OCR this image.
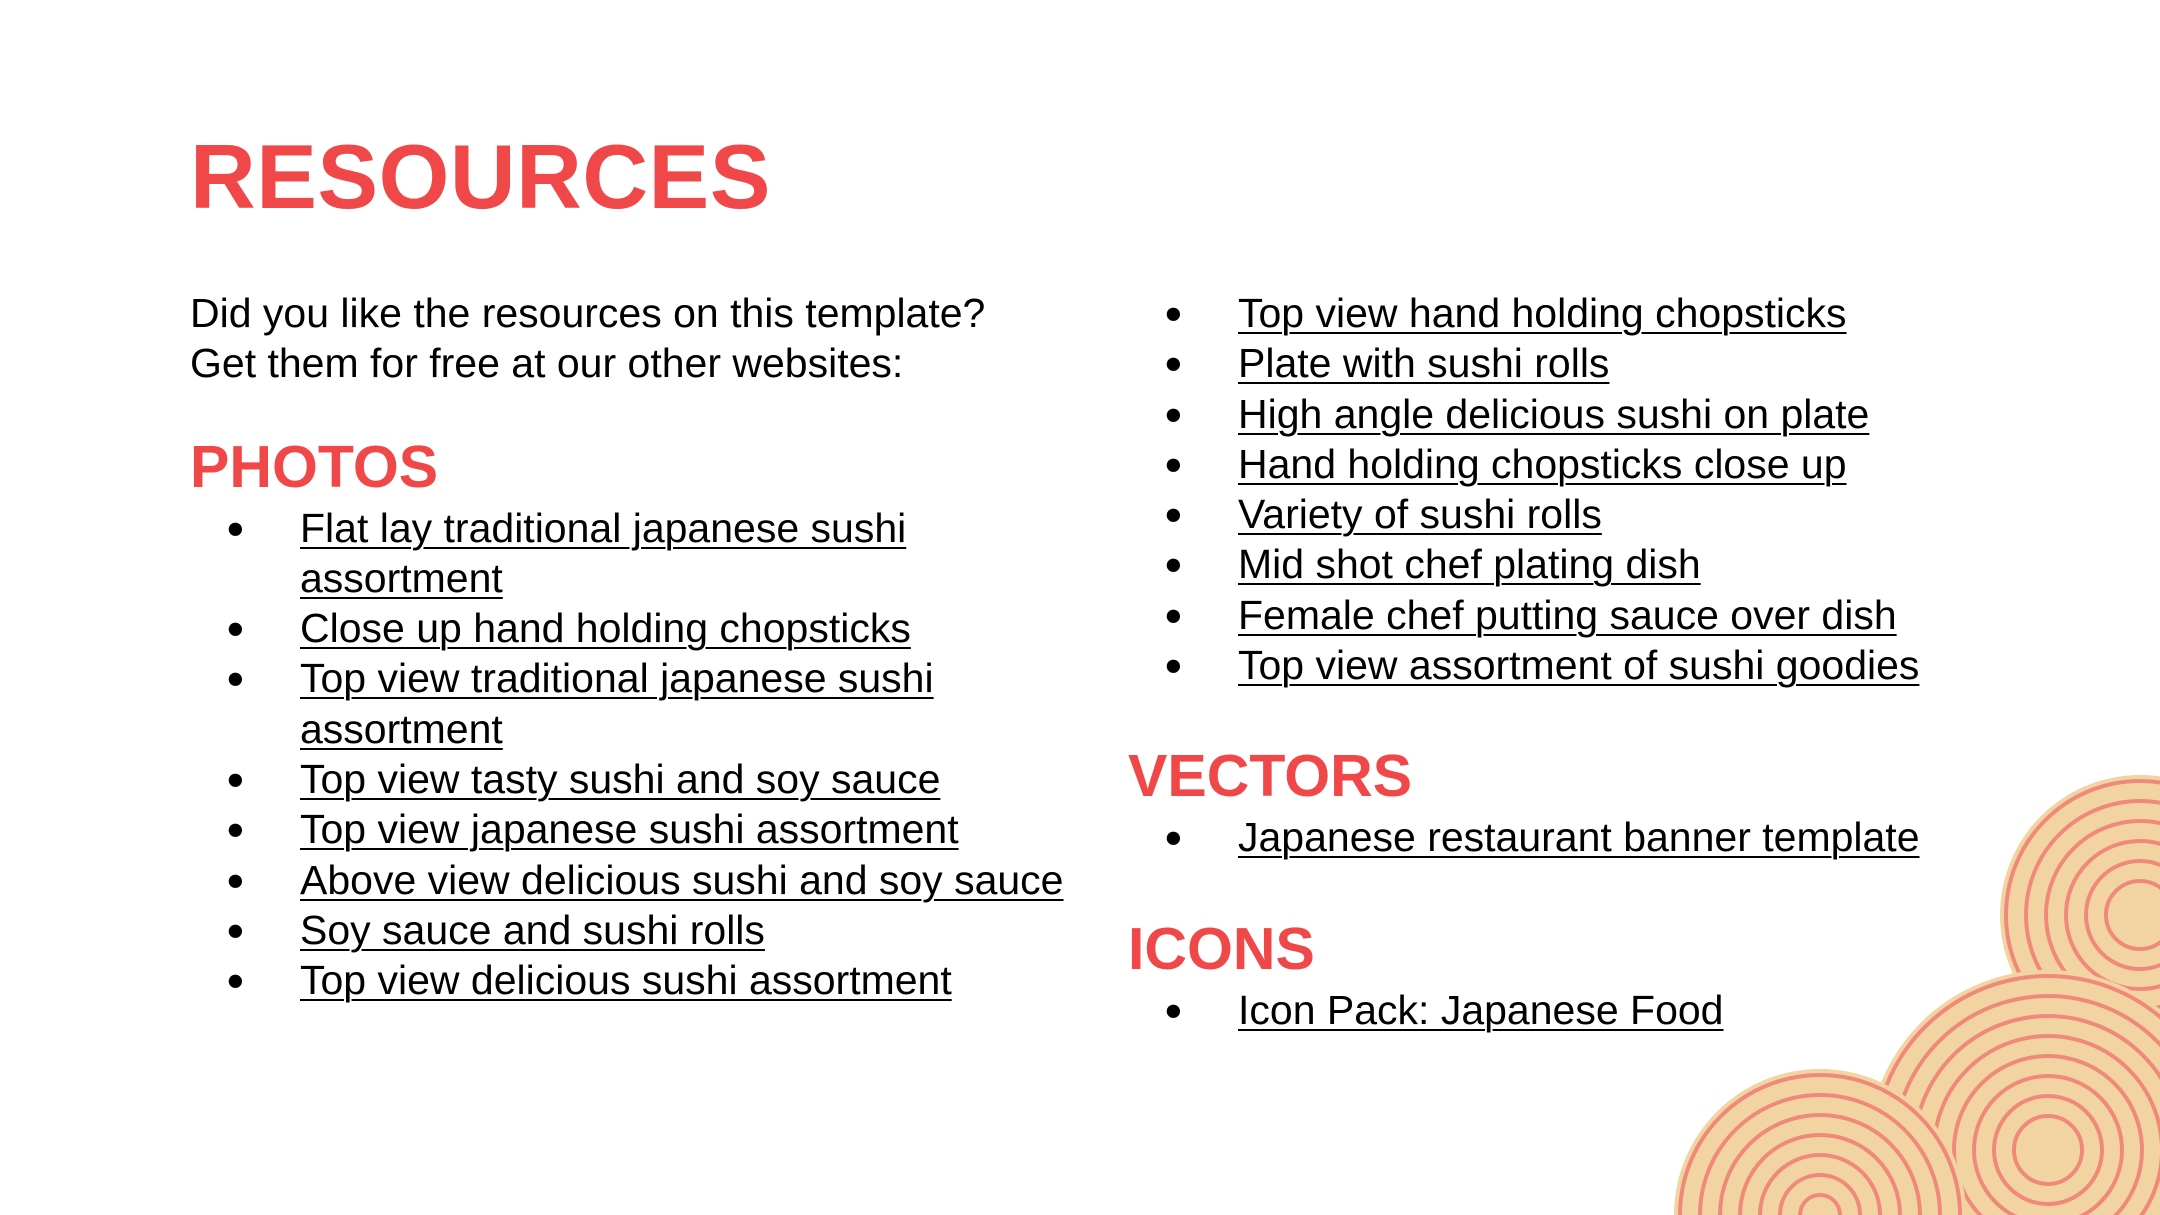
RESOURCES

Did you like the resources on this template?
Get them for free at our other websites:

PHOTOS
● Flat lay traditional japanese sushi assortment
● Close up hand holding chopsticks
● Top view traditional japanese sushi assortment
● Top view tasty sushi and soy sauce
● Top view japanese sushi assortment
● Above view delicious sushi and soy sauce
● Soy sauce and sushi rolls
● Top view delicious sushi assortment
● Top view hand holding chopsticks
● Plate with sushi rolls
● High angle delicious sushi on plate
● Hand holding chopsticks close up
● Variety of sushi rolls
● Mid shot chef plating dish
● Female chef putting sauce over dish
● Top view assortment of sushi goodies
VECTORS
● Japanese restaurant banner template
ICONS
● Icon Pack: Japanese Food
